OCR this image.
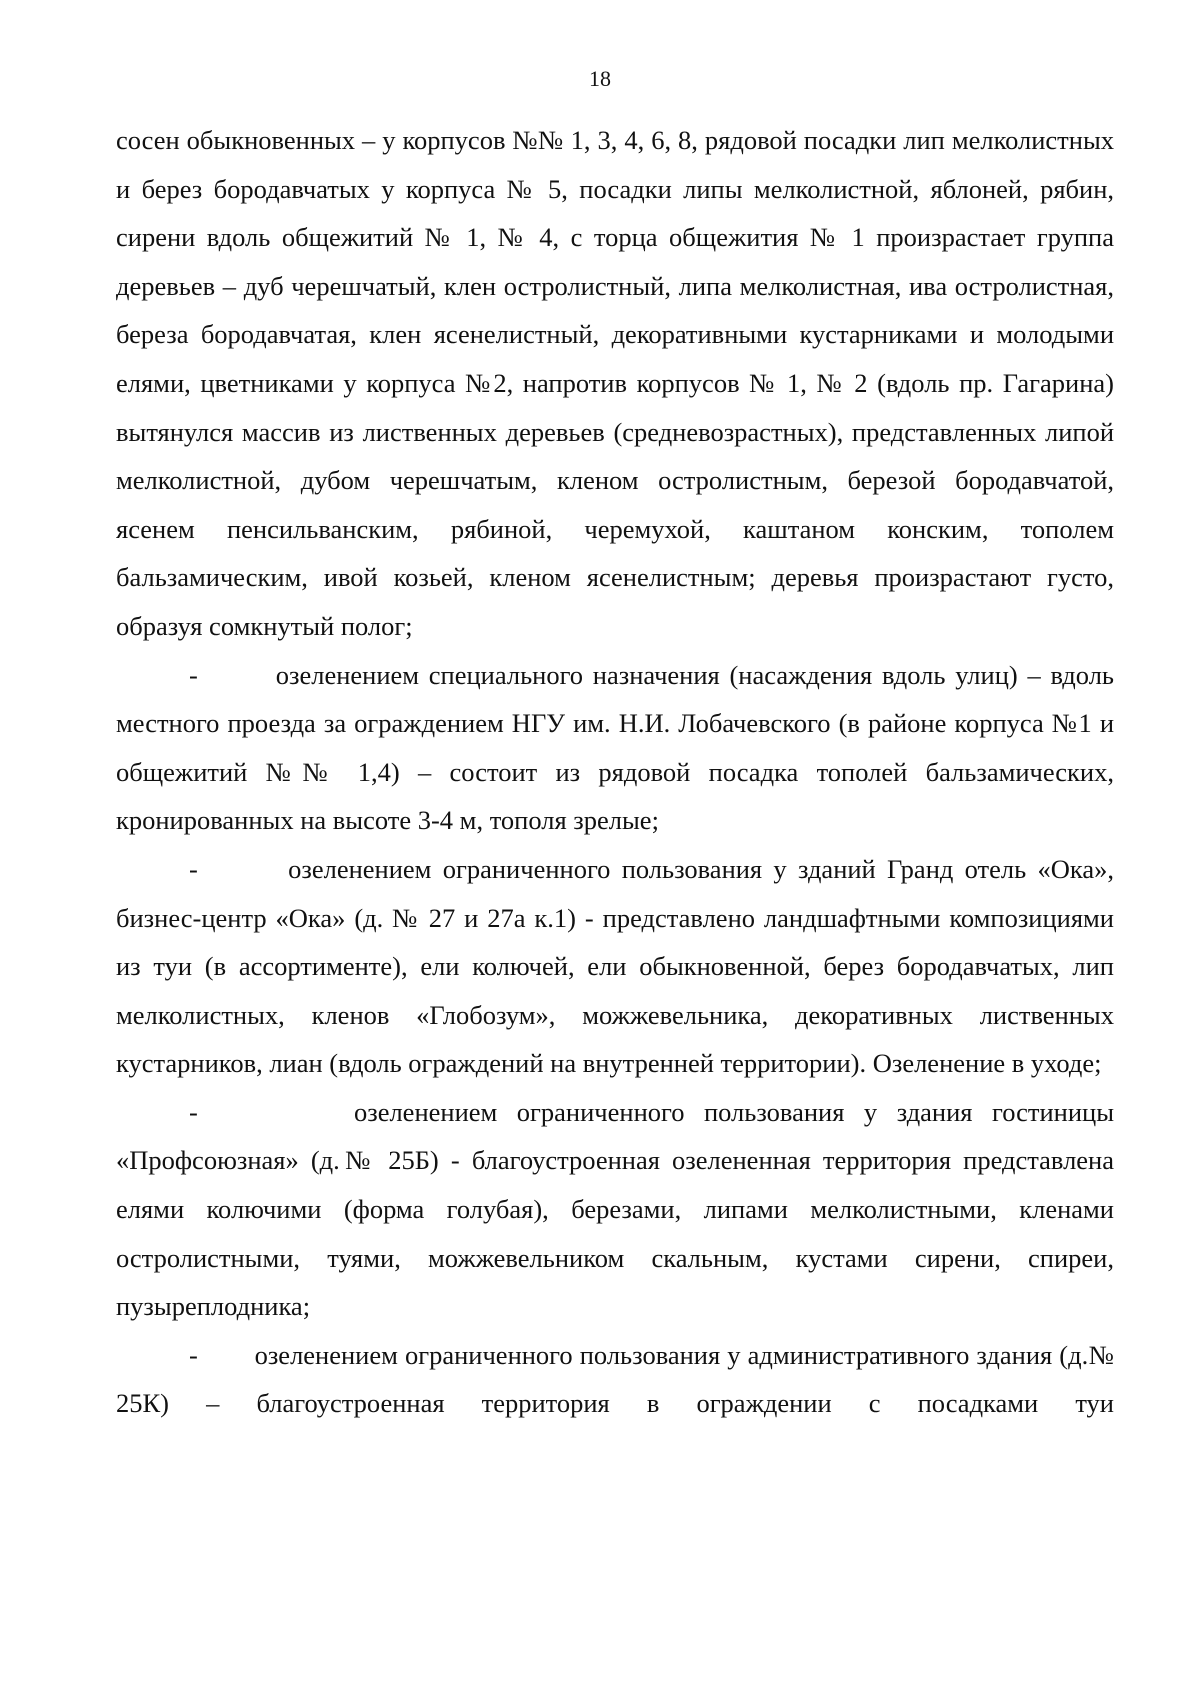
18

сосен обыкновенных – у корпусов №№ 1, 3, 4, 6, 8, рядовой посадки лип мелколистных и берез бородавчатых у корпуса № 5, посадки липы мелколистной, яблоней, рябин, сирени вдоль общежитий № 1, № 4, с торца общежития № 1 произрастает группа деревьев – дуб черешчатый, клен остролистный, липа мелколистная, ива остролистная, береза бородавчатая, клен ясенелистный, декоративными кустарниками и молодыми елями, цветниками у корпуса №2, напротив корпусов № 1, № 2 (вдоль пр. Гагарина) вытянулся массив из лиственных деревьев (средневозрастных), представленных липой мелколистной, дубом черешчатым, кленом остролистным, березой бородавчатой, ясенем пенсильванским, рябиной, черемухой, каштаном конским, тополем бальзамическим, ивой козьей, кленом ясенелистным; деревья произрастают густо, образуя сомкнутый полог;

-        озеленением специального назначения (насаждения вдоль улиц) – вдоль местного проезда за ограждением НГУ им. Н.И. Лобачевского (в районе корпуса №1 и общежитий №№ 1,4) – состоит из рядовой посадка тополей бальзамических, кронированных на высоте 3-4 м, тополя зрелые;

-        озеленением ограниченного пользования у зданий Гранд отель «Ока», бизнес-центр «Ока» (д. № 27 и 27а к.1) - представлено ландшафтными композициями из туи (в ассортименте), ели колючей, ели обыкновенной, берез бородавчатых, лип мелколистных, кленов «Глобозум», можжевельника, декоративных лиственных кустарников, лиан (вдоль ограждений на внутренней территории). Озеленение в уходе;

-        озеленением ограниченного пользования у здания гостиницы «Профсоюзная» (д.№ 25Б) - благоустроенная озелененная территория представлена елями колючими (форма голубая), березами, липами мелколистными, кленами остролистными, туями, можжевельником скальным, кустами сирени, спиреи, пузыреплодника;

-        озеленением ограниченного пользования у административного здания (д.№ 25К) – благоустроенная территория в ограждении с посадками туи
